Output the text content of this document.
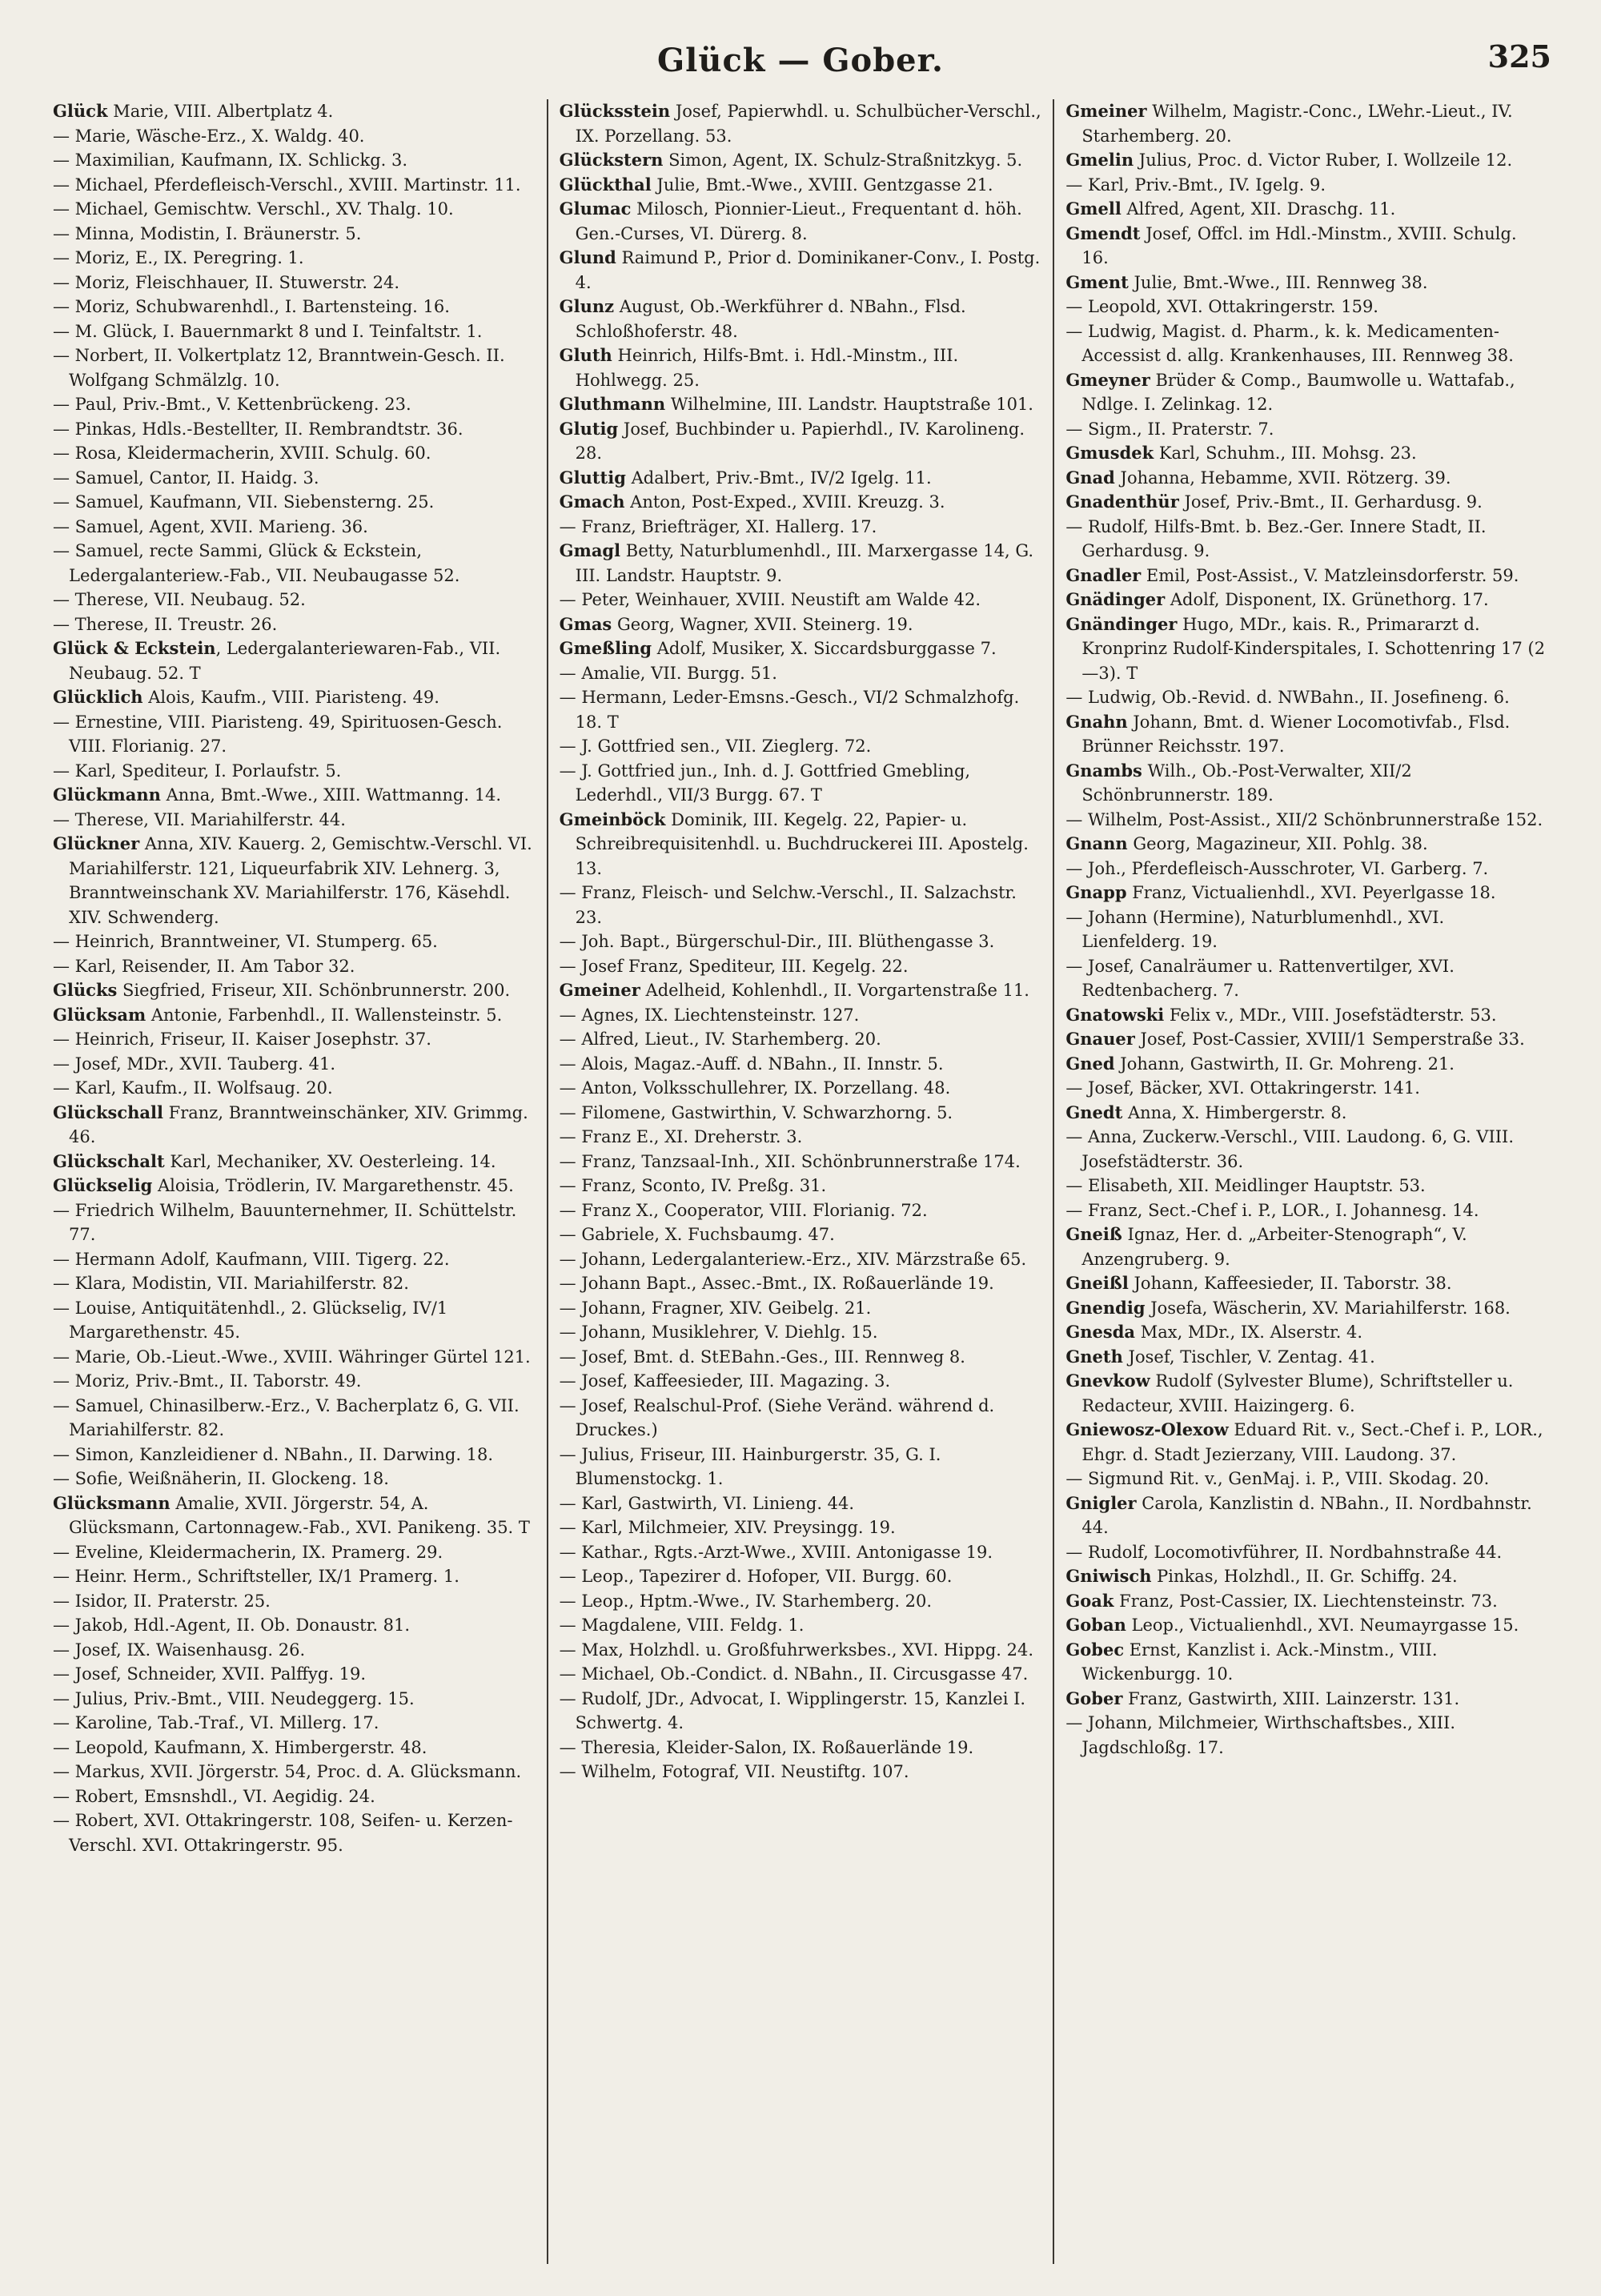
Glück — Gober.	325

Glück Marie, VIII. Albertplatz 4.

— Marie, Wäsche-Erz., X. Waldg. 40.

— Maximilian, Kaufmann, IX. Schlickg. 3.

— Michael, Pferdefleisch-Verschl., XVIII. Martinstr. 11.

— Michael, Gemischtw. Verschl., XV. Thalg. 10.

— Minna, Modistin, I. Bräunerstr. 5.

— Moriz, E., IX. Peregring. 1.

— Moriz, Fleischhauer, II. Stuwerstr. 24.

— Moriz, Schubwarenhdl., I. Bartensteing. 16.

— M. Glück, I. Bauernmarkt 8 und I. Teinfaltstr. 1.

— Norbert, II. Volkertplatz 12, Branntwein-Gesch. II. Wolfgang Schmälzlg. 10.

— Paul, Priv.-Bmt., V. Kettenbrückeng. 23.

— Pinkas, Hdls.-Bestellter, II. Rembrandtstr. 36.

— Rosa, Kleidermacherin, XVIII. Schulg. 60.

— Samuel, Cantor, II. Haidg. 3.

— Samuel, Kaufmann, VII. Siebensterng. 25.

— Samuel, Agent, XVII. Marieng. 36.

— Samuel, recte Sammi, Glück & Eckstein, Ledergalanteriew.-Fab., VII. Neubaugasse 52.

— Therese, VII. Neubaug. 52.

— Therese, II. Treustr. 26.

Glück & Eckstein, Ledergalanteriewaren-Fab., VII. Neubaug. 52. T

Glücklich Alois, Kaufm., VIII. Piaristeng. 49.

— Ernestine, VIII. Piaristeng. 49, Spirituosen-Gesch. VIII. Florianig. 27.

— Karl, Spediteur, I. Porlaufstr. 5.

Glückmann Anna, Bmt.-Wwe., XIII. Wattmanng. 14.

— Therese, VII. Mariahilferstr. 44.

Glückner Anna, XIV. Kauerg. 2, Gemischtw.-Verschl. VI. Mariahilferstr. 121, Liqueurfabrik XIV. Lehnerg. 3, Branntweinschank XV. Mariahilferstr. 176, Käsehdl. XIV. Schwenderg.

— Heinrich, Branntweiner, VI. Stumperg. 65.

— Karl, Reisender, II. Am Tabor 32.

Glücks Siegfried, Friseur, XII. Schönbrunnerstr. 200.

Glücksam Antonie, Farbenhdl., II. Wallensteinstr. 5.

— Heinrich, Friseur, II. Kaiser Josephstr. 37.

— Josef, MDr., XVII. Tauberg. 41.

— Karl, Kaufm., II. Wolfsaug. 20.

Glückschall Franz, Branntweinschänker, XIV. Grimmg. 46.

Glückschalt Karl, Mechaniker, XV. Oesterleing. 14.

Glückselig Aloisia, Trödlerin, IV. Margarethenstr. 45.

— Friedrich Wilhelm, Bauunternehmer, II. Schüttelstr. 77.

— Hermann Adolf, Kaufmann, VIII. Tigerg. 22.

— Klara, Modistin, VII. Mariahilferstr. 82.

— Louise, Antiquitätenhdl., 2. Glückselig, IV/1 Margarethenstr. 45.

— Marie, Ob.-Lieut.-Wwe., XVIII. Währinger Gürtel 121.

— Moriz, Priv.-Bmt., II. Taborstr. 49.

— Samuel, Chinasilberw.-Erz., V. Bacherplatz 6, G. VII. Mariahilferstr. 82.

— Simon, Kanzleidiener d. NBahn., II. Darwing. 18.

— Sofie, Weißnäherin, II. Glockeng. 18.

Glücksmann Amalie, XVII. Jörgerstr. 54, A. Glücksmann, Cartonnagew.-Fab., XVI. Panikeng. 35. T

— Eveline, Kleidermacherin, IX. Pramerg. 29.

— Heinr. Herm., Schriftsteller, IX/1 Pramerg. 1.

— Isidor, II. Praterstr. 25.

— Jakob, Hdl.-Agent, II. Ob. Donaustr. 81.

— Josef, IX. Waisenhausg. 26.

— Josef, Schneider, XVII. Palffyg. 19.

— Julius, Priv.-Bmt., VIII. Neudeggerg. 15.

— Karoline, Tab.-Traf., VI. Millerg. 17.

— Leopold, Kaufmann, X. Himbergerstr. 48.

— Markus, XVII. Jörgerstr. 54, Proc. d. A. Glücksmann.

— Robert, Emsnshdl., VI. Aegidig. 24.

— Robert, XVI. Ottakringerstr. 108, Seifen- u. Kerzen-Verschl. XVI. Ottakringerstr. 95.

Glücksstein Josef, Papierwhdl. u. Schulbücher-Verschl., IX. Porzellang. 53.

Glückstern Simon, Agent, IX. Schulz-Straßnitzkyg. 5.

Glückthal Julie, Bmt.-Wwe., XVIII. Gentzgasse 21.

Glumac Milosch, Pionnier-Lieut., Frequentant d. höh. Gen.-Curses, VI. Dürerg. 8.

Glund Raimund P., Prior d. Dominikaner-Conv., I. Postg. 4.

Glunz August, Ob.-Werkführer d. NBahn., Flsd. Schloßhoferstr. 48.

Gluth Heinrich, Hilfs-Bmt. i. Hdl.-Minstm., III. Hohlwegg. 25.

Gluthmann Wilhelmine, III. Landstr. Hauptstraße 101.

Glutig Josef, Buchbinder u. Papierhdl., IV. Karolineng. 28.

Gluttig Adalbert, Priv.-Bmt., IV/2 Igelg. 11.

Gmach Anton, Post-Exped., XVIII. Kreuzg. 3.

— Franz, Briefträger, XI. Hallerg. 17.

Gmagl Betty, Naturblumenhdl., III. Marxergasse 14, G. III. Landstr. Hauptstr. 9.

— Peter, Weinhauer, XVIII. Neustift am Walde 42.

Gmas Georg, Wagner, XVII. Steinerg. 19.

Gmeßling Adolf, Musiker, X. Siccardsburggasse 7.

— Amalie, VII. Burgg. 51.

— Hermann, Leder-Emsns.-Gesch., VI/2 Schmalzhofg. 18. T

— J. Gottfried sen., VII. Zieglerg. 72.

— J. Gottfried jun., Inh. d. J. Gottfried Gmebling, Lederhdl., VII/3 Burgg. 67. T

Gmeinböck Dominik, III. Kegelg. 22, Papier- u. Schreibrequisitenhdl. u. Buchdruckerei III. Apostelg. 13.

— Franz, Fleisch- und Selchw.-Verschl., II. Salzachstr. 23.

— Joh. Bapt., Bürgerschul-Dir., III. Blüthengasse 3.

— Josef Franz, Spediteur, III. Kegelg. 22.

Gmeiner Adelheid, Kohlenhdl., II. Vorgartenstraße 11.

— Agnes, IX. Liechtensteinstr. 127.

— Alfred, Lieut., IV. Starhemberg. 20.

— Alois, Magaz.-Auff. d. NBahn., II. Innstr. 5.

— Anton, Volksschullehrer, IX. Porzellang. 48.

— Filomene, Gastwirthin, V. Schwarzhorng. 5.

— Franz E., XI. Dreherstr. 3.

— Franz, Tanzsaal-Inh., XII. Schönbrunnerstraße 174.

— Franz, Sconto, IV. Preßg. 31.

— Franz X., Cooperator, VIII. Florianig. 72.

— Gabriele, X. Fuchsbaumg. 47.

— Johann, Ledergalanteriew.-Erz., XIV. Märzstraße 65.

— Johann Bapt., Assec.-Bmt., IX. Roßauerlände 19.

— Johann, Fragner, XIV. Geibelg. 21.

— Johann, Musiklehrer, V. Diehlg. 15.

— Josef, Bmt. d. StEBahn.-Ges., III. Rennweg 8.

— Josef, Kaffeesieder, III. Magazing. 3.

— Josef, Realschul-Prof. (Siehe Veränd. während d. Druckes.)

— Julius, Friseur, III. Hainburgerstr. 35, G. I. Blumenstockg. 1.

— Karl, Gastwirth, VI. Linieng. 44.

— Karl, Milchmeier, XIV. Preysingg. 19.

— Kathar., Rgts.-Arzt-Wwe., XVIII. Antonigasse 19.

— Leop., Tapezirer d. Hofoper, VII. Burgg. 60.

— Leop., Hptm.-Wwe., IV. Starhemberg. 20.

— Magdalene, VIII. Feldg. 1.

— Max, Holzhdl. u. Großfuhrwerksbes., XVI. Hippg. 24.

— Michael, Ob.-Condict. d. NBahn., II. Circusgasse 47.

— Rudolf, JDr., Advocat, I. Wipplingerstr. 15, Kanzlei I. Schwertg. 4.

— Theresia, Kleider-Salon, IX. Roßauerlände 19.

— Wilhelm, Fotograf, VII. Neustiftg. 107.

Gmeiner Wilhelm, Magistr.-Conc., LWehr.-Lieut., IV. Starhemberg. 20.

Gmelin Julius, Proc. d. Victor Ruber, I. Wollzeile 12.

— Karl, Priv.-Bmt., IV. Igelg. 9.

Gmell Alfred, Agent, XII. Draschg. 11.

Gmendt Josef, Offcl. im Hdl.-Minstm., XVIII. Schulg. 16.

Gment Julie, Bmt.-Wwe., III. Rennweg 38.

— Leopold, XVI. Ottakringerstr. 159.

— Ludwig, Magist. d. Pharm., k. k. Medicamenten-Accessist d. allg. Krankenhauses, III. Rennweg 38.

Gmeyner Brüder & Comp., Baumwolle u. Wattafab., Ndlge. I. Zelinkag. 12.

— Sigm., II. Praterstr. 7.

Gmusdek Karl, Schuhm., III. Mohsg. 23.

Gnad Johanna, Hebamme, XVII. Rötzerg. 39.

Gnadenthür Josef, Priv.-Bmt., II. Gerhardusg. 9.

— Rudolf, Hilfs-Bmt. b. Bez.-Ger. Innere Stadt, II. Gerhardusg. 9.

Gnadler Emil, Post-Assist., V. Matzleinsdorferstr. 59.

Gnädinger Adolf, Disponent, IX. Grünethorg. 17.

Gnändinger Hugo, MDr., kais. R., Primararzt d. Kronprinz Rudolf-Kinderspitales, I. Schottenring 17 (2—3). T

— Ludwig, Ob.-Revid. d. NWBahn., II. Josefineng. 6.

Gnahn Johann, Bmt. d. Wiener Locomotivfab., Flsd. Brünner Reichsstr. 197.

Gnambs Wilh., Ob.-Post-Verwalter, XII/2 Schönbrunnerstr. 189.

— Wilhelm, Post-Assist., XII/2 Schönbrunnerstraße 152.

Gnann Georg, Magazineur, XII. Pohlg. 38.

— Joh., Pferdefleisch-Ausschroter, VI. Garberg. 7.

Gnapp Franz, Victualienhdl., XVI. Peyerlgasse 18.

— Johann (Hermine), Naturblumenhdl., XVI. Lienfelderg. 19.

— Josef, Canalräumer u. Rattenvertilger, XVI. Redtenbacherg. 7.

Gnatowski Felix v., MDr., VIII. Josefstädterstr. 53.

Gnauer Josef, Post-Cassier, XVIII/1 Semperstraße 33.

Gned Johann, Gastwirth, II. Gr. Mohreng. 21.

— Josef, Bäcker, XVI. Ottakringerstr. 141.

Gnedt Anna, X. Himbergerstr. 8.

— Anna, Zuckerw.-Verschl., VIII. Laudong. 6, G. VIII. Josefstädterstr. 36.

— Elisabeth, XII. Meidlinger Hauptstr. 53.

— Franz, Sect.-Chef i. P., LOR., I. Johannesg. 14.

Gneiß Ignaz, Her. d. „Arbeiter-Stenograph“, V. Anzengruberg. 9.

Gneißl Johann, Kaffeesieder, II. Taborstr. 38.

Gnendig Josefa, Wäscherin, XV. Mariahilferstr. 168.

Gnesda Max, MDr., IX. Alserstr. 4.

Gneth Josef, Tischler, V. Zentag. 41.

Gnevkow Rudolf (Sylvester Blume), Schriftsteller u. Redacteur, XVIII. Haizingerg. 6.

Gniewosz-Olexow Eduard Rit. v., Sect.-Chef i. P., LOR., Ehgr. d. Stadt Jezierzany, VIII. Laudong. 37.

— Sigmund Rit. v., GenMaj. i. P., VIII. Skodag. 20.

Gnigler Carola, Kanzlistin d. NBahn., II. Nordbahnstr. 44.

— Rudolf, Locomotivführer, II. Nordbahnstraße 44.

Gniwisch Pinkas, Holzhdl., II. Gr. Schiffg. 24.

Goak Franz, Post-Cassier, IX. Liechtensteinstr. 73.

Goban Leop., Victualienhdl., XVI. Neumayrgasse 15.

Gobec Ernst, Kanzlist i. Ack.-Minstm., VIII. Wickenburgg. 10.

Gober Franz, Gastwirth, XIII. Lainzerstr. 131.

— Johann, Milchmeier, Wirthschaftsbes., XIII. Jagdschloßg. 17.
